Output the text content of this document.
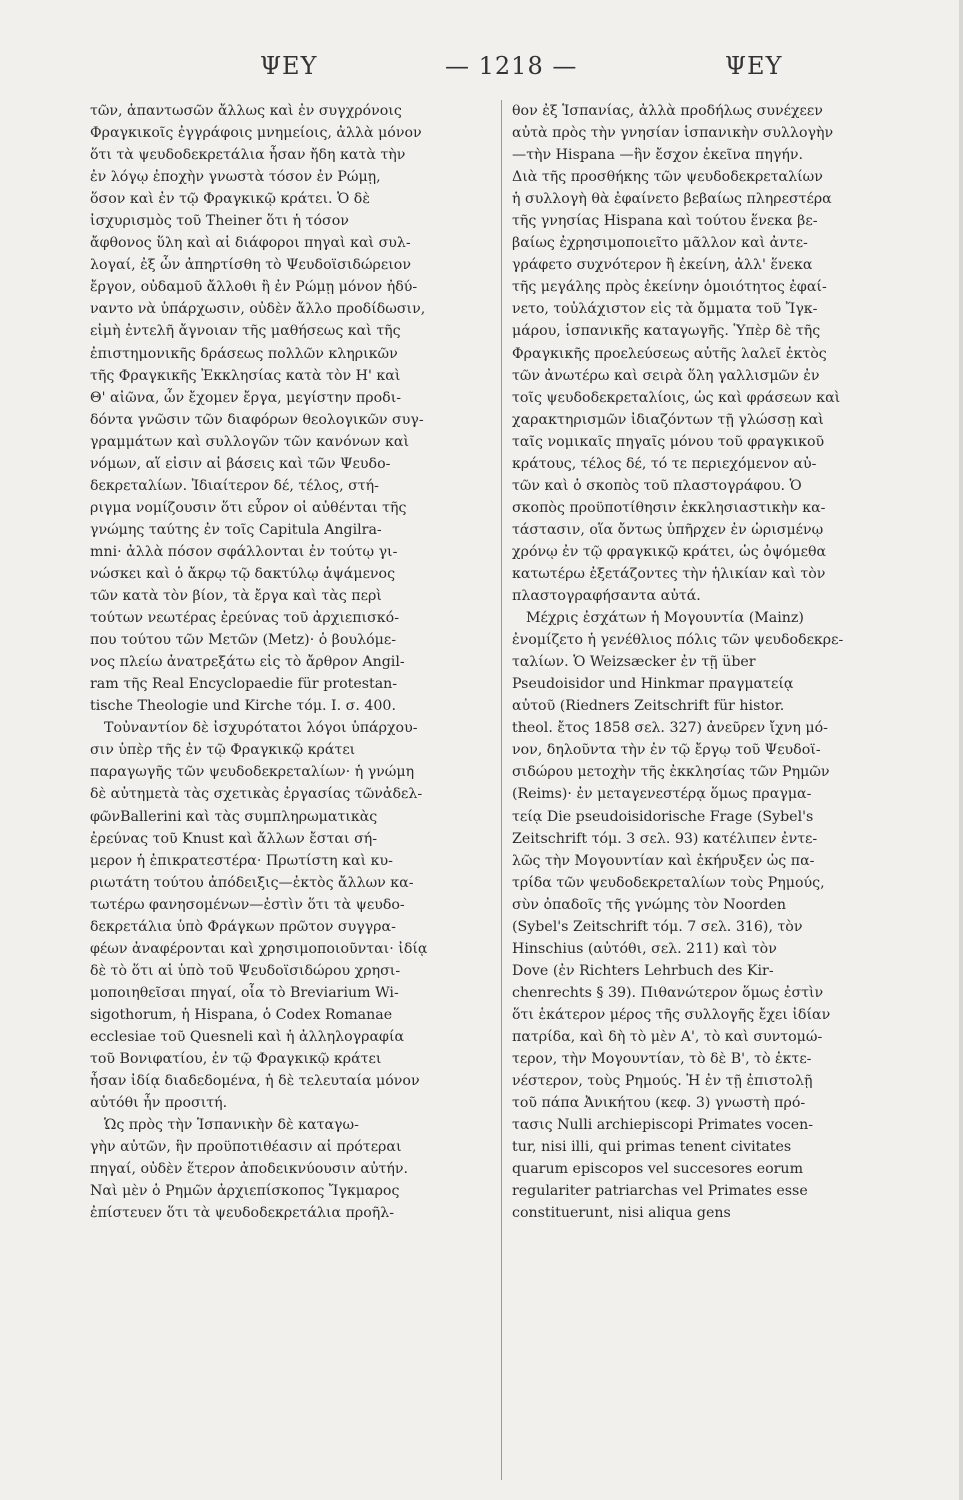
ΨΕΥ	— 1218 —	ΨΕΥ
τῶν, ἁπαντωσῶν ἄλλως καὶ ἐν συγχρόνοις
Φραγκικοῖς ἐγγράφοις μνημείοις, ἀλλὰ μόνον
ὅτι τὰ ψευδοδεκρετάλια ἦσαν ἤδη κατὰ τὴν
ἐν λόγῳ ἐποχὴν γνωστὰ τόσον ἐν Ρώμῃ,
ὅσον καὶ ἐν τῷ Φραγκικῷ κράτει. Ὁ δὲ
ἰσχυρισμὸς τοῦ Theiner ὅτι ἡ τόσον
ἄφθονος ὕλη καὶ αἱ διάφοροι πηγαὶ καὶ συλ-
λογαί, ἐξ ὧν ἀπηρτίσθη τὸ Ψευδοϊσιδώρειον
ἔργον, οὐδαμοῦ ἄλλοθι ἢ ἐν Ρώμῃ μόνον ἠδύ-
ναντο νὰ ὑπάρχωσιν, οὐδὲν ἄλλο προδίδωσιν,
εἰμὴ ἐντελῆ ἄγνοιαν τῆς μαθήσεως καὶ τῆς
ἐπιστημονικῆς δράσεως πολλῶν κληρικῶν
τῆς Φραγκικῆς Ἐκκλησίας κατὰ τὸν Η' καὶ
Θ' αἰῶνα, ὧν ἔχομεν ἔργα, μεγίστην προδι-
δόντα γνῶσιν τῶν διαφόρων θεολογικῶν συγ-
γραμμάτων καὶ συλλογῶν τῶν κανόνων καὶ
νόμων, αἵ εἰσιν αἱ βάσεις καὶ τῶν Ψευδο-
δεκρεταλίων. Ἰδιαίτερον δέ, τέλος, στή-
ριγμα νομίζουσιν ὅτι εὗρον οἱ αὐθένται τῆς
γνώμης ταύτης ἐν τοῖς Capitula Angilra-
mni· ἀλλὰ πόσον σφάλλονται ἐν τούτῳ γι-
νώσκει καὶ ὁ ἄκρῳ τῷ δακτύλῳ ἁψάμενος
τῶν κατὰ τὸν βίον, τὰ ἔργα καὶ τὰς περὶ
τούτων νεωτέρας ἐρεύνας τοῦ ἀρχιεπισκό-
που τούτου τῶν Μετῶν (Metz)· ὁ βουλόμε-
νος πλείω ἀνατρεξάτω εἰς τὸ ἄρθρον Angil-
ram τῆς Real Encyclopaedie für protestan-
tische Theologie und Kirche τόμ. Ι. σ. 400.
Τοὐναντίον δὲ ἰσχυρότατοι λόγοι ὑπάρχου-
σιν ὑπὲρ τῆς ἐν τῷ Φραγκικῷ κράτει
παραγωγῆς τῶν ψευδοδεκρεταλίων· ἡ γνώμη
δὲ αὐτημετὰ τὰς σχετικὰς ἐργασίας τῶνἀδελ-
φῶνBallerini καὶ τὰς συμπληρωματικὰς
ἐρεύνας τοῦ Knust καὶ ἄλλων ἔσται σή-
μερον ἡ ἐπικρατεστέρα· Πρωτίστη καὶ κυ-
ριωτάτη τούτου ἀπόδειξις—ἐκτὸς ἄλλων κα-
τωτέρω φανησομένων—ἐστὶν ὅτι τὰ ψευδο-
δεκρετάλια ὑπὸ Φράγκων πρῶτον συγγρα-
φέων ἀναφέρονται καὶ χρησιμοποιοῦνται· ἰδίᾳ
δὲ τὸ ὅτι αἱ ὑπὸ τοῦ Ψευδοϊσιδώρου χρησι-
μοποιηθεῖσαι πηγαί, οἷα τὸ Breviarium Wi-
sigothorum, ἡ Hispana, ὁ Codex Romanae
ecclesiae τοῦ Quesneli καὶ ἡ ἀλληλογραφία
τοῦ Βονιφατίου, ἐν τῷ Φραγκικῷ κράτει
ἦσαν ἰδίᾳ διαδεδομένα, ἡ δὲ τελευταία μόνον
αὐτόθι ἦν προσιτή.
Ὡς πρὸς τὴν Ἱσπανικὴν δὲ καταγω-
γὴν αὐτῶν, ἣν προϋποτιθέασιν αἱ πρότεραι
πηγαί, οὐδὲν ἕτερον ἀποδεικνύουσιν αὐτήν.
Ναὶ μὲν ὁ Ρημῶν ἀρχιεπίσκοπος Ἴγκμαρος
ἐπίστευεν ὅτι τὰ ψευδοδεκρετάλια προῆλ-
θον ἐξ Ἱσπανίας, ἀλλὰ προδήλως συνέχεεν
αὐτὰ πρὸς τὴν γνησίαν ἱσπανικὴν συλλογὴν
—τὴν Hispana —ἣν ἔσχον ἐκεῖνα πηγήν.
Διὰ τῆς προσθήκης τῶν ψευδοδεκρεταλίων
ἡ συλλογὴ θὰ ἐφαίνετο βεβαίως πληρεστέρα
τῆς γνησίας Hispana καὶ τούτου ἕνεκα βε-
βαίως ἐχρησιμοποιεῖτο μᾶλλον καὶ ἀντε-
γράφετο συχνότερον ἢ ἐκείνη, ἀλλ' ἕνεκα
τῆς μεγάλης πρὸς ἐκείνην ὁμοιότητος ἐφαί-
νετο, τοὐλάχιστον εἰς τὰ ὄμματα τοῦ Ἴγκ-
μάρου, ἱσπανικῆς καταγωγῆς. Ὑπὲρ δὲ τῆς
Φραγκικῆς προελεύσεως αὐτῆς λαλεῖ ἐκτὸς
τῶν ἀνωτέρω καὶ σειρὰ ὅλη γαλλισμῶν ἐν
τοῖς ψευδοδεκρεταλίοις, ὡς καὶ φράσεων καὶ
χαρακτηρισμῶν ἰδιαζόντων τῇ γλώσσῃ καὶ
ταῖς νομικαῖς πηγαῖς μόνου τοῦ φραγκικοῦ
κράτους, τέλος δέ, τό τε περιεχόμενον αὐ-
τῶν καὶ ὁ σκοπὸς τοῦ πλαστογράφου. Ὁ
σκοπὸς προϋποτίθησιν ἐκκλησιαστικὴν κα-
τάστασιν, οἵα ὄντως ὑπῆρχεν ἐν ὡρισμένῳ
χρόνῳ ἐν τῷ φραγκικῷ κράτει, ὡς ὀψόμεθα
κατωτέρω ἐξετάζοντες τὴν ἡλικίαν καὶ τὸν
πλαστογραφήσαντα αὐτά.
Μέχρις ἐσχάτων ἡ Μογουντία (Mainz)
ἐνομίζετο ἡ γενέθλιος πόλις τῶν ψευδοδεκρε-
ταλίων. Ὁ Weizsæcker ἐν τῇ über
Pseudoisidor und Hinkmar πραγματείᾳ
αὐτοῦ (Riedners Zeitschrift für histor.
theol. ἔτος 1858 σελ. 327) ἀνεῦρεν ἴχνη μό-
νον, δηλοῦντα τὴν ἐν τῷ ἔργῳ τοῦ Ψευδοϊ-
σιδώρου μετοχὴν τῆς ἐκκλησίας τῶν Ρημῶν
(Reims)· ἐν μεταγενεστέρᾳ ὅμως πραγμα-
τείᾳ Die pseudoisidorische Frage (Sybel's
Zeitschrift τόμ. 3 σελ. 93) κατέλιπεν ἐντε-
λῶς τὴν Μογουντίαν καὶ ἐκήρυξεν ὡς πα-
τρίδα τῶν ψευδοδεκρεταλίων τοὺς Ρημούς,
σὺν ὀπαδοῖς τῆς γνώμης τὸν Noorden
(Sybel's Zeitschrift τόμ. 7 σελ. 316), τὸν
Hinschius (αὐτόθι, σελ. 211) καὶ τὸν
Dove (ἐν Richters Lehrbuch des Kir-
chenrechts § 39). Πιθανώτερον ὅμως ἐστὶν
ὅτι ἑκάτερον μέρος τῆς συλλογῆς ἔχει ἰδίαν
πατρίδα, καὶ δὴ τὸ μὲν Α', τὸ καὶ συντομώ-
τερον, τὴν Μογουντίαν, τὸ δὲ Β', τὸ ἐκτε-
νέστερον, τοὺς Ρημούς. Ἡ ἐν τῇ ἐπιστολῇ
τοῦ πάπα Ἀνικήτου (κεφ. 3) γνωστὴ πρό-
τασις Nulli archiepiscopi Primates vocen-
tur, nisi illi, qui primas tenent civitates
quarum episcopos vel succesores eorum
regulariter patriarchas vel Primates esse
constituerunt, nisi aliqua gens
